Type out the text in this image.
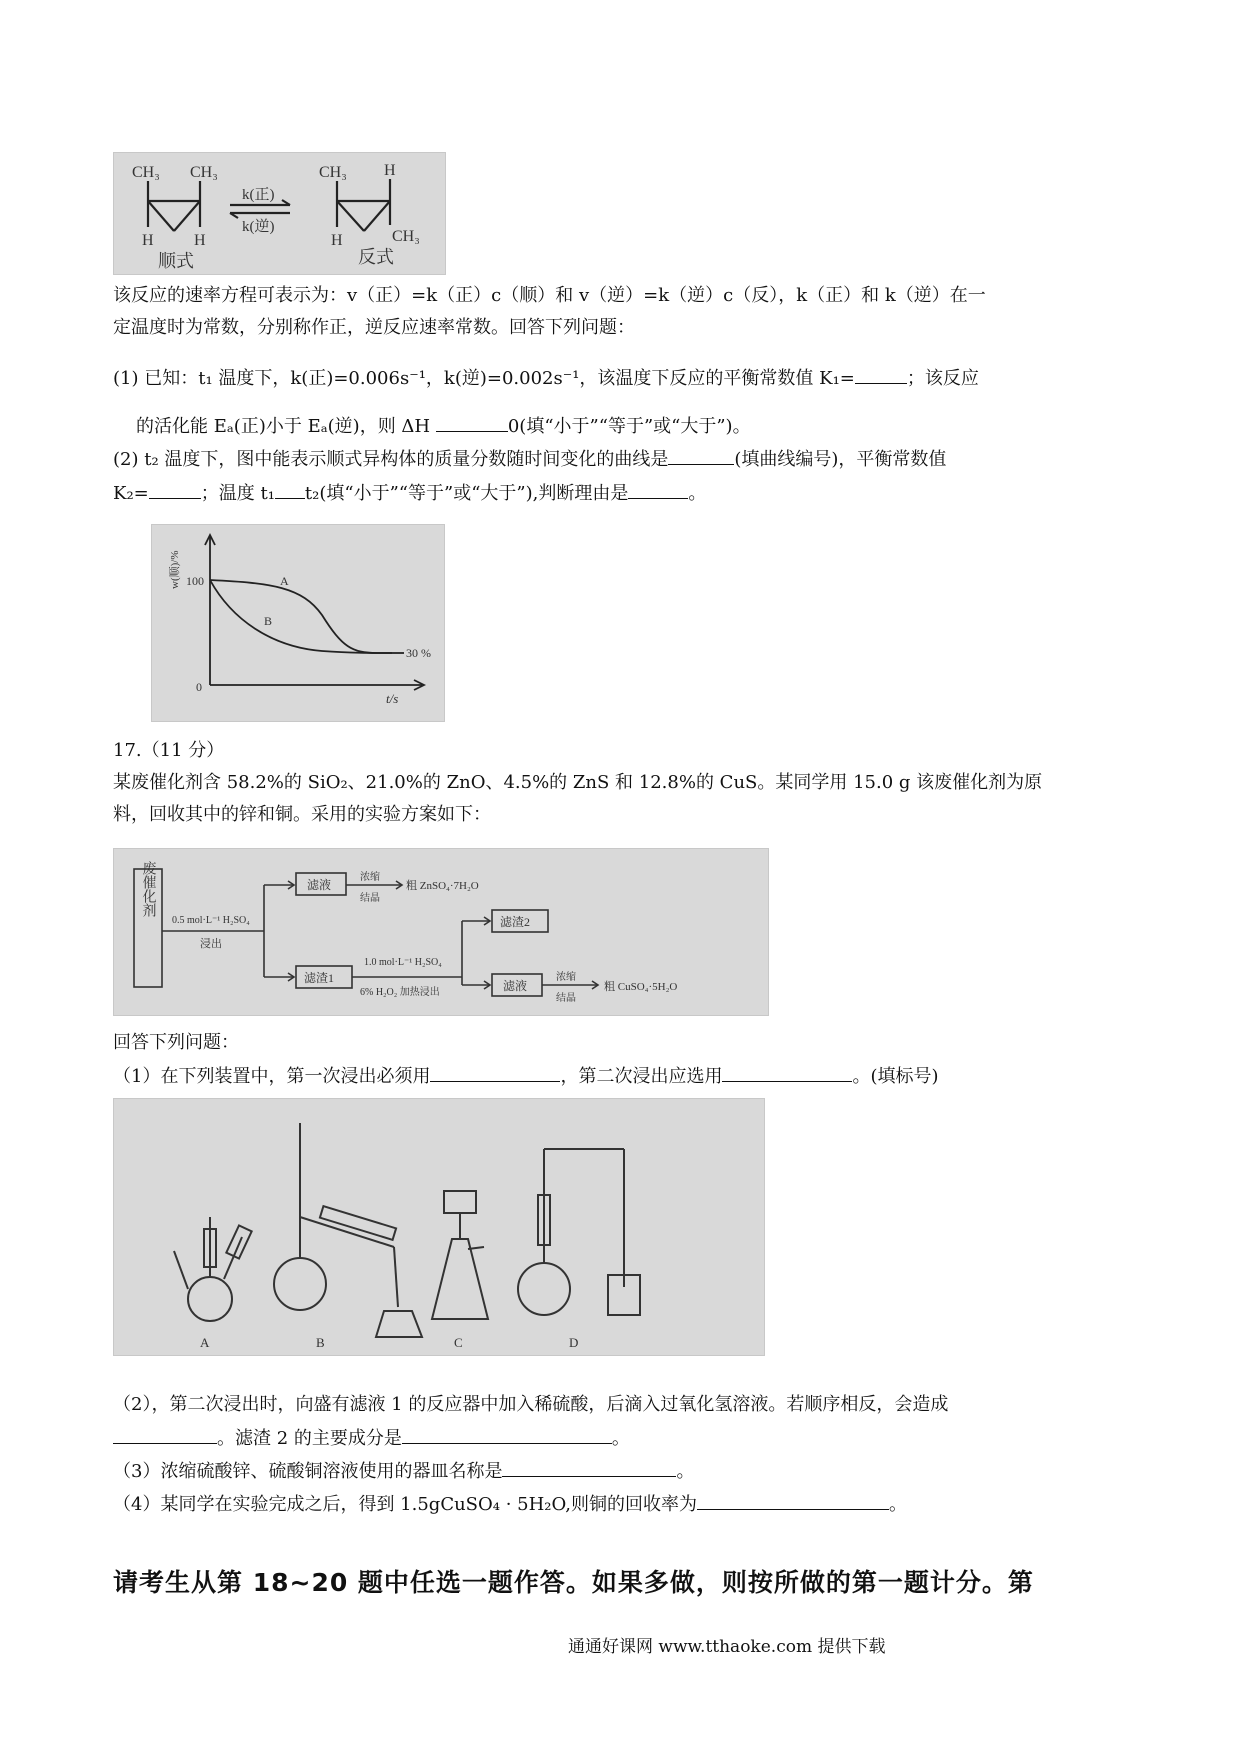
CH₃ CH₃
H	H
顺式
k(正)
k(逆)
CH₃ H
H	CH₃
反式
该反应的速率方程可表示为：v（正）=k（正）c（顺）和 v（逆）=k（逆）c（反），k（正）和 k（逆）在一
定温度时为常数，分别称作正，逆反应速率常数。回答下列问题：
(1) 已知：t₁ 温度下，k(正)=0.006s⁻¹，k(逆)=0.002s⁻¹，该温度下反应的平衡常数值 K₁=	；该反应
的活化能 Eₐ(正)小于 Eₐ(逆)，则 ΔH	0(填“小于”“等于”或“大于”)。
(2) t₂ 温度下，图中能表示顺式异构体的质量分数随时间变化的曲线是	(填曲线编号)，平衡常数值
K₂=	；温度 t₁ t₂(填“小于”“等于”或“大于”),判断理由是	。
w(顺)/% 100
0
A
B
30 %
t/s
17.（11 分）
某废催化剂含 58.2%的 SiO₂、21.0%的 ZnO、4.5%的 ZnS 和 12.8%的 CuS。某同学用 15.0 g 该废催化剂为原
料，回收其中的锌和铜。采用的实验方案如下：
废催化剂
0.5 mol·L⁻¹ H₂SO₄
浸出
滤液
浓缩
结晶
粗 ZnSO₄·7H₂O
滤渣1
1.0 mol·L⁻¹ H₂SO₄
6% H₂O₂ 加热浸出
滤渣2
滤液
浓缩
结晶
粗 CuSO₄·5H₂O
回答下列问题：
（1）在下列装置中，第一次浸出必须用	，第二次浸出应选用	。(填标号)
A	B	C	D
（2），第二次浸出时，向盛有滤液 1 的反应器中加入稀硫酸，后滴入过氧化氢溶液。若顺序相反，会造成
。滤渣 2 的主要成分是	。
（3）浓缩硫酸锌、硫酸铜溶液使用的器皿名称是	。
（4）某同学在实验完成之后，得到 1.5gCuSO₄ · 5H₂O,则铜的回收率为	。
请考生从第 18~20 题中任选一题作答。如果多做，则按所做的第一题计分。第
通通好课网 www.tthaoke.com 提供下载
